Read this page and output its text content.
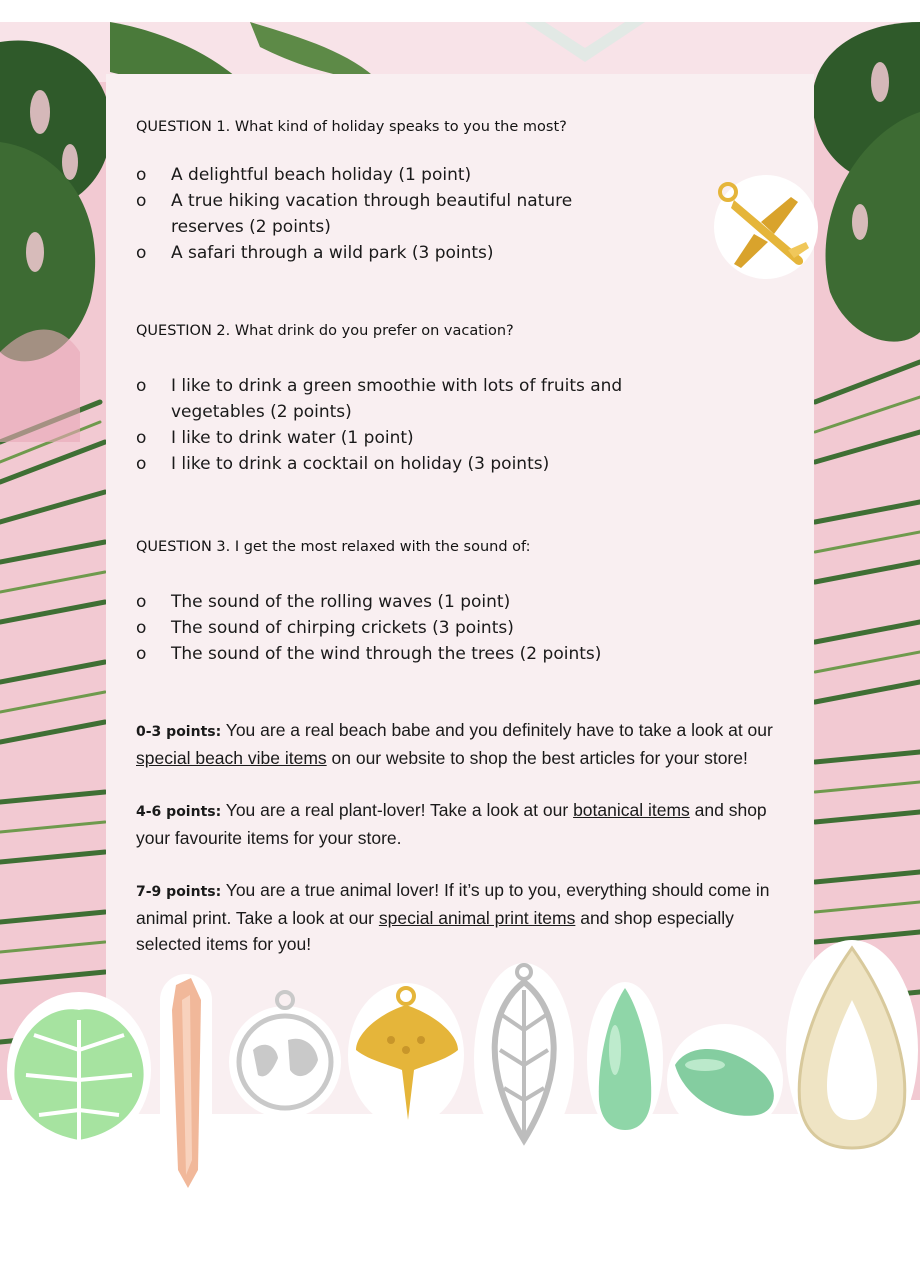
QUESTION 1. What kind of holiday speaks to you the most?

o A delightful beach holiday (1 point)
o A true hiking vacation through beautiful nature reserves (2 points)
o A safari through a wild park (3 points)

QUESTION 2. What drink do you prefer on vacation?

o I like to drink a green smoothie with lots of fruits and vegetables (2 points)
o I like to drink water (1 point)
o I like to drink a cocktail on holiday (3 points)

QUESTION 3. I get the most relaxed with the sound of:

o The sound of the rolling waves (1 point)
o The sound of chirping crickets (3 points)
o The sound of the wind through the trees (2 points)

0-3 points: You are a real beach babe and you definitely have to take a look at our special beach vibe items on our website to shop the best articles for your store!

4-6 points: You are a real plant-lover! Take a look at our botanical items and shop your favourite items for your store.

7-9 points: You are a true animal lover! If it’s up to you, everything should come in animal print. Take a look at our special animal print items and shop especially selected items for you!
